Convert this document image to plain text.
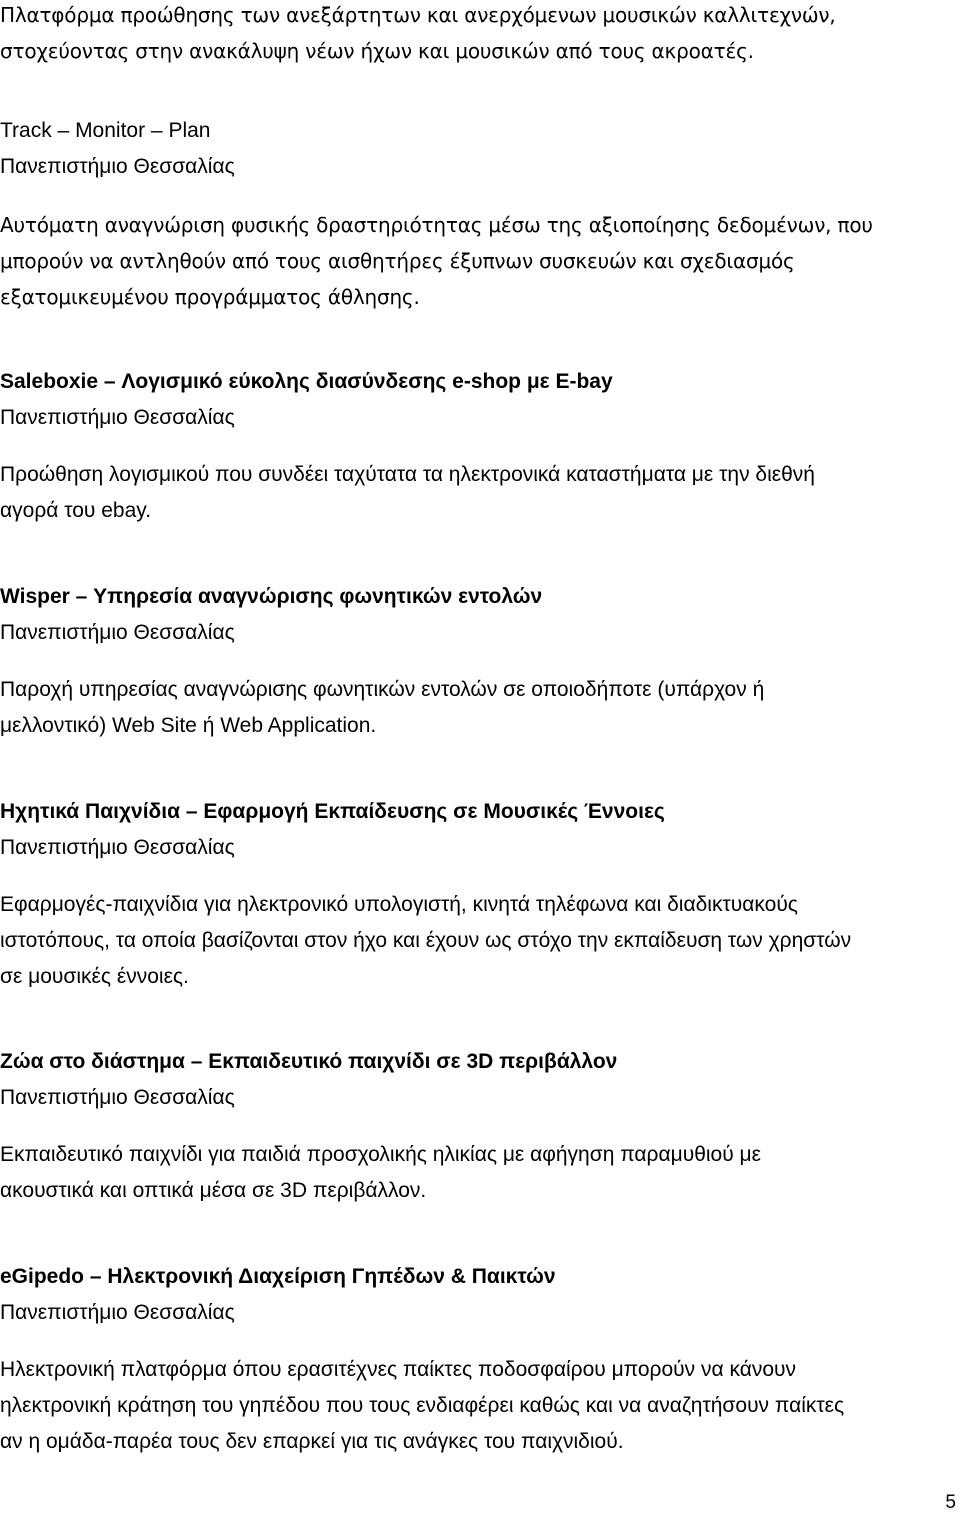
Πλατφόρμα προώθησης των ανεξάρτητων και ανερχόμενων μουσικών καλλιτεχνών,
στοχεύοντας στην ανακάλυψη νέων ήχων και μουσικών από τους ακροατές.
Track – Monitor – Plan
Πανεπιστήμιο Θεσσαλίας
Αυτόματη αναγνώριση φυσικής δραστηριότητας μέσω της αξιοποίησης δεδομένων, που
μπορούν να αντληθούν από τους αισθητήρες έξυπνων συσκευών και σχεδιασμός
εξατομικευμένου προγράμματος άθλησης.
Saleboxie – Λογισμικό εύκολης διασύνδεσης e-shop με E-bay
Πανεπιστήμιο Θεσσαλίας
Προώθηση λογισμικού που συνδέει ταχύτατα τα ηλεκτρονικά καταστήματα με την διεθνή
αγορά του ebay.
Wisper – Υπηρεσία αναγνώρισης φωνητικών εντολών
Πανεπιστήμιο Θεσσαλίας
Παροχή υπηρεσίας αναγνώρισης φωνητικών εντολών σε οποιοδήποτε (υπάρχον ή
μελλοντικό) Web Site ή Web Application.
Ηχητικά Παιχνίδια – Εφαρμογή Εκπαίδευσης σε Μουσικές Έννοιες
Πανεπιστήμιο Θεσσαλίας
Εφαρμογές-παιχνίδια για ηλεκτρονικό υπολογιστή, κινητά τηλέφωνα και διαδικτυακούς
ιστοτόπους, τα οποία βασίζονται στον ήχο και έχουν ως στόχο την εκπαίδευση των χρηστών
σε μουσικές έννοιες.
Ζώα στο διάστημα – Εκπαιδευτικό παιχνίδι σε 3D περιβάλλον
Πανεπιστήμιο Θεσσαλίας
Εκπαιδευτικό παιχνίδι για παιδιά προσχολικής ηλικίας με αφήγηση παραμυθιού με
ακουστικά και οπτικά μέσα σε 3D περιβάλλον.
eGipedo – Ηλεκτρονική Διαχείριση Γηπέδων & Παικτών
Πανεπιστήμιο Θεσσαλίας
Ηλεκτρονική πλατφόρμα όπου ερασιτέχνες παίκτες ποδοσφαίρου μπορούν να κάνουν
ηλεκτρονική κράτηση του γηπέδου που τους ενδιαφέρει καθώς και να αναζητήσουν παίκτες
αν η ομάδα-παρέα τους δεν επαρκεί για τις ανάγκες του παιχνιδιού.
5
